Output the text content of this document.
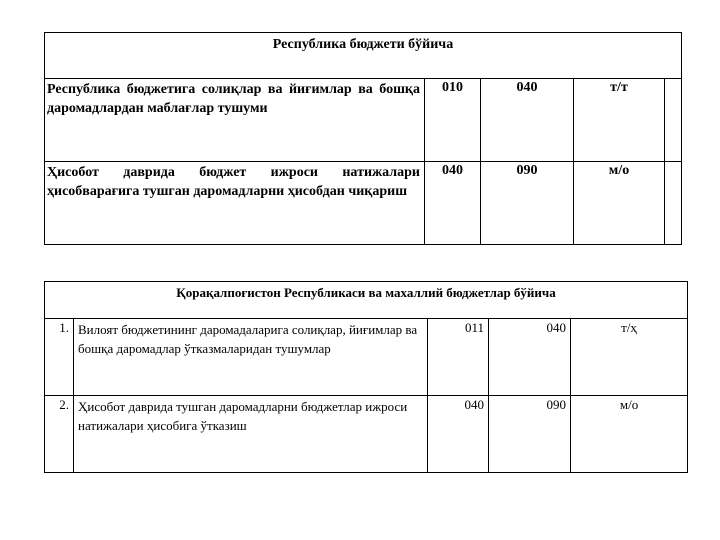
Республика бюджети бўйича				
Республика бюджетига солиқлар ва йиғимлар ва бошқа даромадлардан маблағлар тушуми	010	040	т/т	
Ҳисобот даврида бюджет ижроси натижалари ҳисобварағига тушган даромадларни ҳисобдан чиқариш	040	090	м/о	
Қорақалпоғистон Республикаси ва махаллий бюджетлар бўйича				
1.	Вилоят бюджетининг даромадаларига солиқлар, йиғимлар ва бошқа даромадлар ўтказмаларидан тушумлар	011	040	т/ҳ
2.	Ҳисобот даврида тушган даромадларни бюджетлар ижроси натижалари ҳисобига ўтказиш	040	090	м/о
